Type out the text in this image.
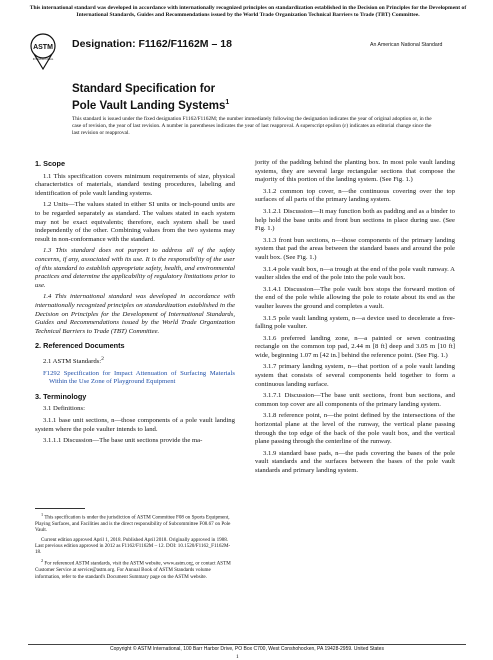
This international standard was developed in accordance with internationally recognized principles on standardization established in the Decision on Principles for the Development of International Standards, Guides and Recommendations issued by the World Trade Organization Technical Barriers to Trade (TBT) Committee.
ASTM
INTERNATIONAL
Designation: F1162/F1162M – 18	An American National Standard
Standard Specification for
Pole Vault Landing Systems$^1$
This standard is issued under the fixed designation F1162/F1162M; the number immediately following the designation indicates the year of original adoption or, in the case of revision, the year of last revision. A number in parentheses indicates the year of last reapproval. A superscript epsilon (ε) indicates an editorial change since the last revision or reapproval.
1. Scope

1.1 This specification covers minimum requirements of size, physical characteristics of materials, standard testing procedures, labeling and identification of pole vault landing systems.

1.2 Units—The values stated in either SI units or inch-pound units are to be regarded separately as standard. The values stated in each system may not be exact equivalents; therefore, each system shall be used independently of the other. Combining values from the two systems may result in non-conformance with the standard.

1.3 This standard does not purport to address all of the safety concerns, if any, associated with its use. It is the responsibility of the user of this standard to establish appropriate safety, health, and environmental practices and determine the applicability of regulatory limitations prior to use.

1.4 This international standard was developed in accordance with internationally recognized principles on standardization established in the Decision on Principles for the Development of International Standards, Guides and Recommendations issued by the World Trade Organization Technical Barriers to Trade (TBT) Committee.

2. Referenced Documents

2.1 ASTM Standards:$^2$

F1292 Specification for Impact Attenuation of Surfacing Materials Within the Use Zone of Playground Equipment

3. Terminology

3.1 Definitions:

3.1.1 base unit sections, n—those components of a pole vault landing system where the pole vaulter intends to land.

3.1.1.1 Discussion—The base unit sections provide the ma-

jority of the padding behind the planting box. In most pole vault landing systems, they are several large rectangular sections that compose the majority of this portion of the landing system. (See Fig. 1.)

3.1.2 common top cover, n—the continuous covering over the top surfaces of all parts of the primary landing system.

3.1.2.1 Discussion—It may function both as padding and as a binder to help hold the base units and front bun sections in place during use. (See Fig. 1.)

3.1.3 front bun sections, n—those components of the primary landing system that pad the areas between the standard bases and around the pole vault box. (See Fig. 1.)

3.1.4 pole vault box, n—a trough at the end of the pole vault runway. A vaulter slides the end of the pole into the pole vault box.

3.1.4.1 Discussion—The pole vault box stops the forward motion of the end of the pole while allowing the pole to rotate about its end as the vaulter leaves the ground and completes a vault.

3.1.5 pole vault landing system, n—a device used to decelerate a free-falling pole vaulter.

3.1.6 preferred landing zone, n—a painted or sewn contrasting rectangle on the common top pad, 2.44 m [8 ft] deep and 3.05 m [10 ft] wide, beginning 1.07 m [42 in.] behind the reference point. (See Fig. 1.)

3.1.7 primary landing system, n—that portion of a pole vault landing system that consists of several components held together to form a continuous landing surface.

3.1.7.1 Discussion—The base unit sections, front bun sections, and common top cover are all components of the primary landing system.

3.1.8 reference point, n—the point defined by the intersections of the horizontal plane at the level of the runway, the vertical plane passing through the top edge of the back of the pole vault box, and the vertical plane passing through the centerline of the runway.

3.1.9 standard base pads, n—the pads covering the bases of the pole vault standards and the surfaces between the bases of the pole vault standards and primary landing system.

$^1$ This specification is under the jurisdiction of ASTM Committee F08 on Sports Equipment, Playing Surfaces, and Facilities and is the direct responsibility of Subcommittee F08.67 on Pole Vault.

Current edition approved April 1, 2018. Published April 2018. Originally approved in 1988. Last previous edition approved in 2012 as F1162/F1162M – 12. DOI: 10.1520/F1162_F1162M-18.

$^2$ For referenced ASTM standards, visit the ASTM website, www.astm.org, or contact ASTM Customer Service at service@astm.org. For Annual Book of ASTM Standards volume information, refer to the standard's Document Summary page on the ASTM website.

Copyright © ASTM International, 100 Barr Harbor Drive, PO Box C700, West Conshohocken, PA 19428-2959. United States
1
